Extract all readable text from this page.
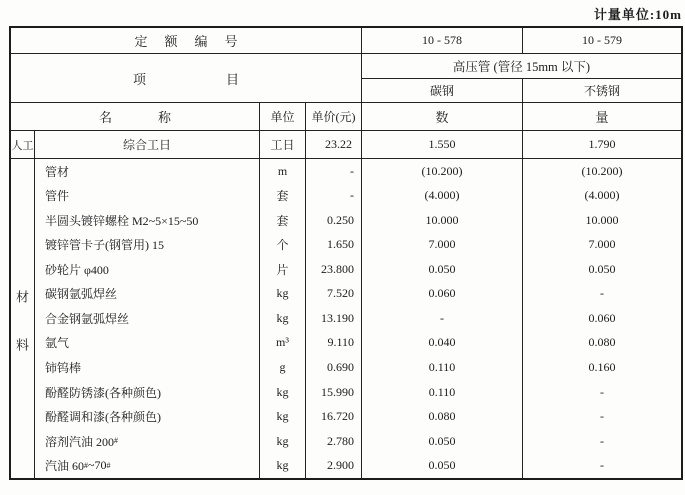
计量单位:10m
定额编号	10 - 578	10 - 579
项目
高压管 (管径 15mm 以下)
碳钢	不锈钢
名称	单位	单价(元)	数	量
人工	综合工日	工日	23.22	1.550	1.790
材
料
管材	m	-	(10.200)	(10.200)
管件	套	-	(4.000)	(4.000)
半圆头镀锌螺栓 M2~5×15~50	套	0.250	10.000	10.000
镀锌管卡子(钢管用) 15	个	1.650	7.000	7.000
砂轮片 φ400	片	23.800	0.050	0.050
碳钢氩弧焊丝	kg	7.520	0.060	-
合金钢氩弧焊丝	kg	13.190	-	0.060
氩气	m³	9.110	0.040	0.080
铈钨棒	g	0.690	0.110	0.160
酚醛防锈漆(各种颜色)	kg	15.990	0.110	-
酚醛调和漆(各种颜色)	kg	16.720	0.080	-
溶剂汽油 200 #	kg	2.780	0.050	-
汽油 60 # ~70 #	kg	2.900	0.050	-
